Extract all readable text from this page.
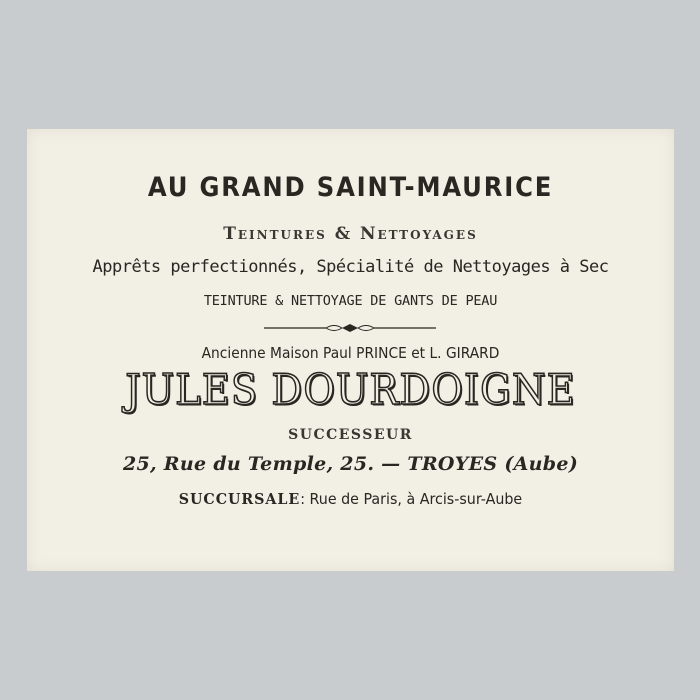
AU GRAND SAINT-MAURICE
Teintures & Nettoyages
Apprêts perfectionnés, Spécialité de Nettoyages à Sec
TEINTURE & NETTOYAGE DE GANTS DE PEAU
Ancienne Maison Paul PRINCE et L. GIRARD
JULES DOURDOIGNE
SUCCESSEUR
25, Rue du Temple, 25. — TROYES (Aube)
SUCCURSALE: Rue de Paris, à Arcis-sur-Aube
